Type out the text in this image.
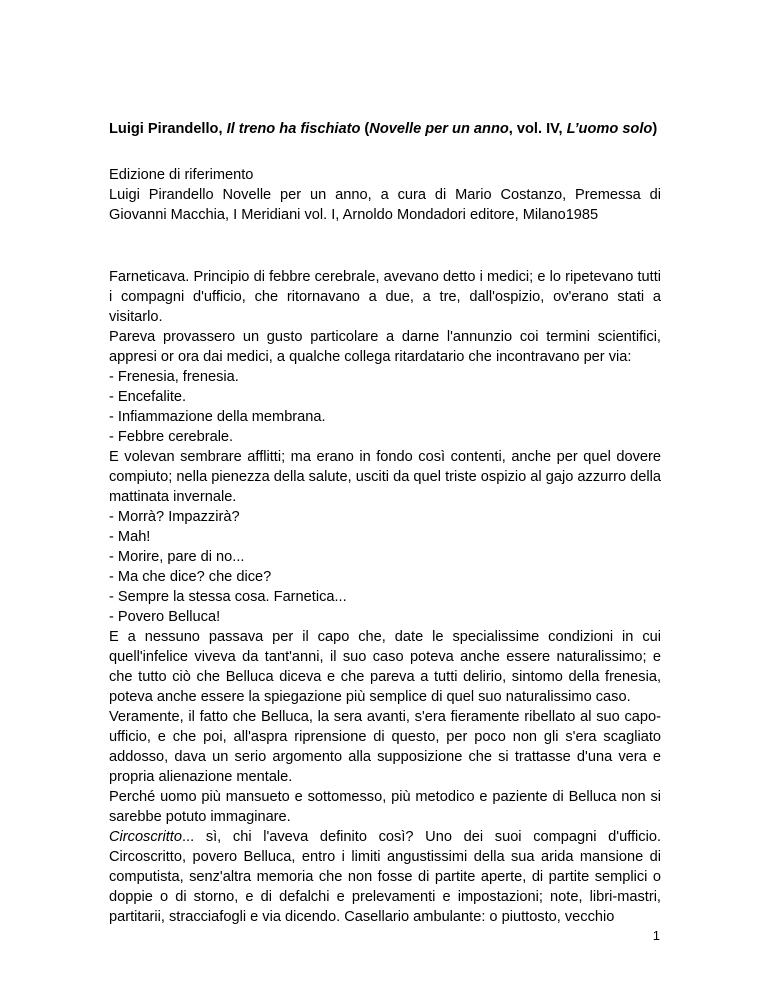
Luigi Pirandello, Il treno ha fischiato (Novelle per un anno, vol. IV, L’uomo solo)

Edizione di riferimento

Luigi Pirandello Novelle per un anno, a cura di Mario Costanzo, Premessa di Giovanni Macchia, I Meridiani vol. I, Arnoldo Mondadori editore, Milano1985

Farneticava. Principio di febbre cerebrale, avevano detto i medici; e lo ripetevano tutti i compagni d'ufficio, che ritornavano a due, a tre, dall'ospizio, ov'erano stati a visitarlo.

Pareva provassero un gusto particolare a darne l'annunzio coi termini scientifici, appresi or ora dai medici, a qualche collega ritardatario che incontravano per via:

- Frenesia, frenesia.

- Encefalite.

- Infiammazione della membrana.

- Febbre cerebrale.

E volevan sembrare afflitti; ma erano in fondo così contenti, anche per quel dovere compiuto; nella pienezza della salute, usciti da quel triste ospizio al gajo azzurro della mattinata invernale.

- Morrà? Impazzirà?

- Mah!

- Morire, pare di no...

- Ma che dice? che dice?

- Sempre la stessa cosa. Farnetica...

- Povero Belluca!

E a nessuno passava per il capo che, date le specialissime condizioni in cui quell'infelice viveva da tant'anni, il suo caso poteva anche essere naturalissimo; e che tutto ciò che Belluca diceva e che pareva a tutti delirio, sintomo della frenesia, poteva anche essere la spiegazione più semplice di quel suo naturalissimo caso.

Veramente, il fatto che Belluca, la sera avanti, s'era fieramente ribellato al suo capo-ufficio, e che poi, all'aspra riprensione di questo, per poco non gli s'era scagliato addosso, dava un serio argomento alla supposizione che si trattasse d'una vera e propria alienazione mentale.

Perché uomo più mansueto e sottomesso, più metodico e paziente di Belluca non si sarebbe potuto immaginare.

Circoscritto... sì, chi l'aveva definito così? Uno dei suoi compagni d'ufficio. Circoscritto, povero Belluca, entro i limiti angustissimi della sua arida mansione di computista, senz'altra memoria che non fosse di partite aperte, di partite semplici o doppie o di storno, e di defalchi e prelevamenti e impostazioni; note, libri-mastri, partitarii, stracciafogli e via dicendo. Casellario ambulante: o piuttosto, vecchio

1
